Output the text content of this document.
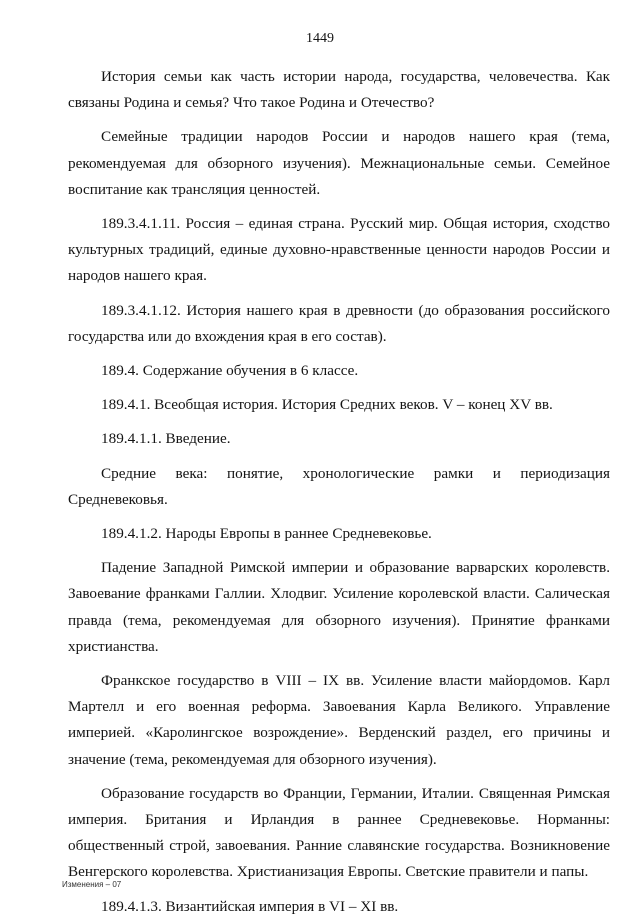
1449

История семьи как часть истории народа, государства, человечества. Как связаны Родина и семья? Что такое Родина и Отечество?

Семейные традиции народов России и народов нашего края (тема, рекомендуемая для обзорного изучения). Межнациональные семьи. Семейное воспитание как трансляция ценностей.

189.3.4.1.11. Россия – единая страна. Русский мир. Общая история, сходство культурных традиций, единые духовно-нравственные ценности народов России и народов нашего края.

189.3.4.1.12. История нашего края в древности (до образования российского государства или до вхождения края в его состав).

189.4. Содержание обучения в 6 классе.

189.4.1. Всеобщая история. История Средних веков. V – конец XV вв.

189.4.1.1. Введение.

Средние века: понятие, хронологические рамки и периодизация Средневековья.

189.4.1.2. Народы Европы в раннее Средневековье.

Падение Западной Римской империи и образование варварских королевств. Завоевание франками Галлии. Хлодвиг. Усиление королевской власти. Салическая правда (тема, рекомендуемая для обзорного изучения). Принятие франками христианства.

Франкское государство в VIII – IX вв. Усиление власти майордомов. Карл Мартелл и его военная реформа. Завоевания Карла Великого. Управление империей. «Каролингское возрождение». Верденский раздел, его причины и значение (тема, рекомендуемая для обзорного изучения).

Образование государств во Франции, Германии, Италии. Священная Римская империя. Британия и Ирландия в раннее Средневековье. Норманны: общественный строй, завоевания. Ранние славянские государства. Возникновение Венгерского королевства. Христианизация Европы. Светские правители и папы.

189.4.1.3. Византийская империя в VI – XI вв.

Изменения – 07
